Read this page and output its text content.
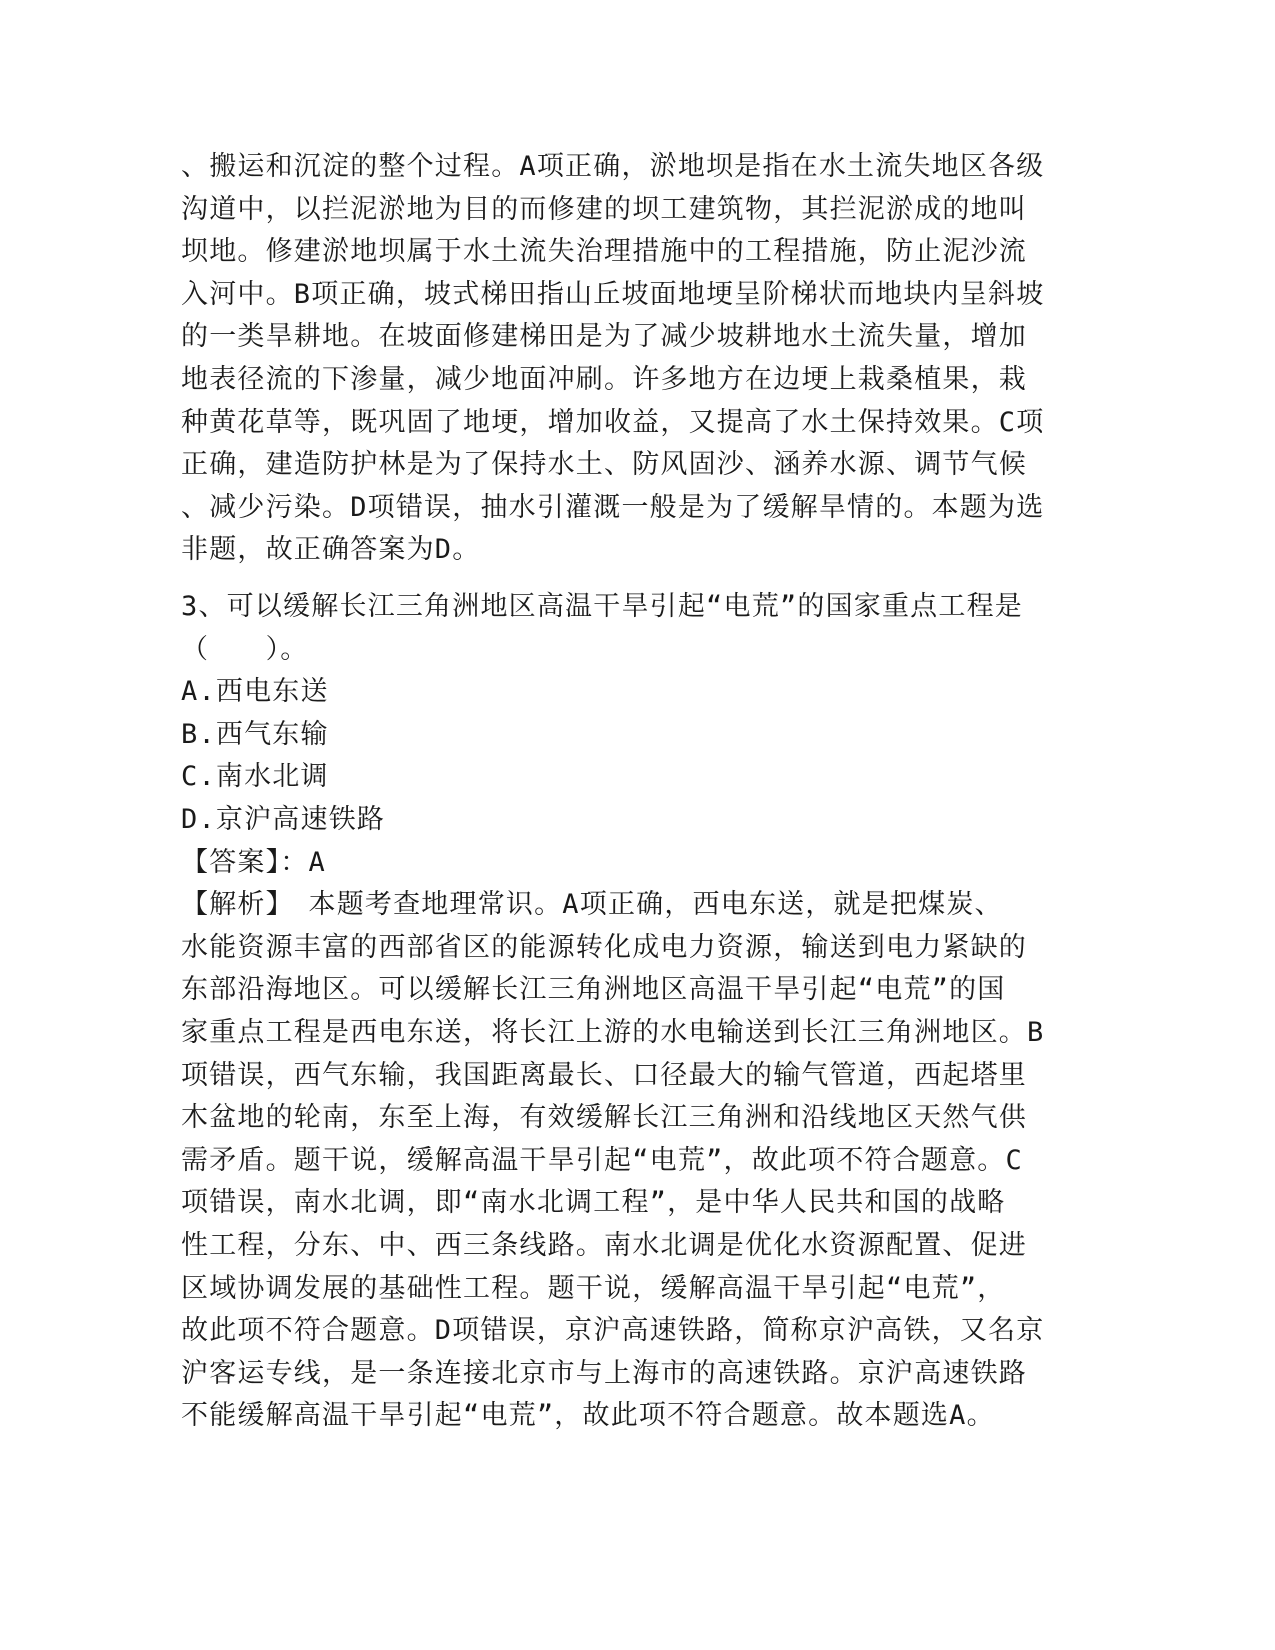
、搬运和沉淀的整个过程。A项正确，淤地坝是指在水土流失地区各级
沟道中，以拦泥淤地为目的而修建的坝工建筑物，其拦泥淤成的地叫
坝地。修建淤地坝属于水土流失治理措施中的工程措施，防止泥沙流
入河中。B项正确，坡式梯田指山丘坡面地埂呈阶梯状而地块内呈斜坡
的一类旱耕地。在坡面修建梯田是为了减少坡耕地水土流失量，增加
地表径流的下渗量，减少地面冲刷。许多地方在边埂上栽桑植果，栽
种黄花草等，既巩固了地埂，增加收益，又提高了水土保持效果。C项
正确，建造防护林是为了保持水土、防风固沙、涵养水源、调节气候
、减少污染。D项错误，抽水引灌溉一般是为了缓解旱情的。本题为选
非题，故正确答案为D。
3、可以缓解长江三角洲地区高温干旱引起“电荒”的国家重点工程是
（　　）。
A.西电东送
B.西气东输
C.南水北调
D.京沪高速铁路
【答案】：A
【解析】　本题考查地理常识。A项正确，西电东送，就是把煤炭、
水能资源丰富的西部省区的能源转化成电力资源，输送到电力紧缺的
东部沿海地区。可以缓解长江三角洲地区高温干旱引起“电荒”的国
家重点工程是西电东送，将长江上游的水电输送到长江三角洲地区。B
项错误，西气东输，我国距离最长、口径最大的输气管道，西起塔里
木盆地的轮南，东至上海，有效缓解长江三角洲和沿线地区天然气供
需矛盾。题干说，缓解高温干旱引起“电荒”，故此项不符合题意。C
项错误，南水北调，即“南水北调工程”，是中华人民共和国的战略
性工程，分东、中、西三条线路。南水北调是优化水资源配置、促进
区域协调发展的基础性工程。题干说，缓解高温干旱引起“电荒”，
故此项不符合题意。D项错误，京沪高速铁路，简称京沪高铁，又名京
沪客运专线，是一条连接北京市与上海市的高速铁路。京沪高速铁路
不能缓解高温干旱引起“电荒”，故此项不符合题意。故本题选A。
